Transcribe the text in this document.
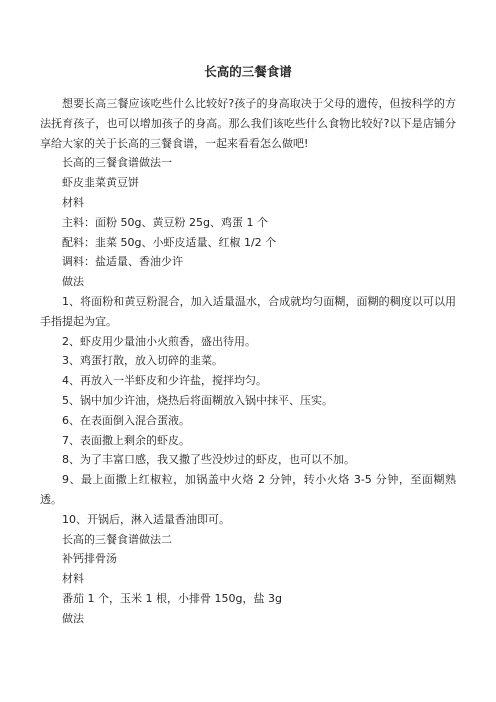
长高的三餐食谱

想要长高三餐应该吃些什么比较好?孩子的身高取决于父母的遗传，但按科学的方法抚育孩子，也可以增加孩子的身高。那么我们该吃些什么食物比较好?以下是店铺分享给大家的关于长高的三餐食谱，一起来看看怎么做吧!

长高的三餐食谱做法一

虾皮韭菜黄豆饼

材料

主料：面粉 50g、黄豆粉 25g、鸡蛋 1 个

配料：韭菜 50g、小虾皮适量、红椒 1/2 个

调料：盐适量、香油少许

做法

1、将面粉和黄豆粉混合，加入适量温水，合成就均匀面糊，面糊的稠度以可以用手指提起为宜。

2、虾皮用少量油小火煎香，盛出待用。

3、鸡蛋打散，放入切碎的韭菜。

4、再放入一半虾皮和少许盐，搅拌均匀。

5、锅中加少许油，烧热后将面糊放入锅中抹平、压实。

6、在表面倒入混合蛋液。

7、表面撒上剩余的虾皮。

8、为了丰富口感，我又撒了些没炒过的虾皮，也可以不加。

9、最上面撒上红椒粒，加锅盖中火烙 2 分钟，转小火烙 3-5 分钟，至面糊熟透。

10、开锅后，淋入适量香油即可。

长高的三餐食谱做法二

补钙排骨汤

材料

番茄 1 个，玉米 1 根，小排骨 150g，盐 3g

做法
